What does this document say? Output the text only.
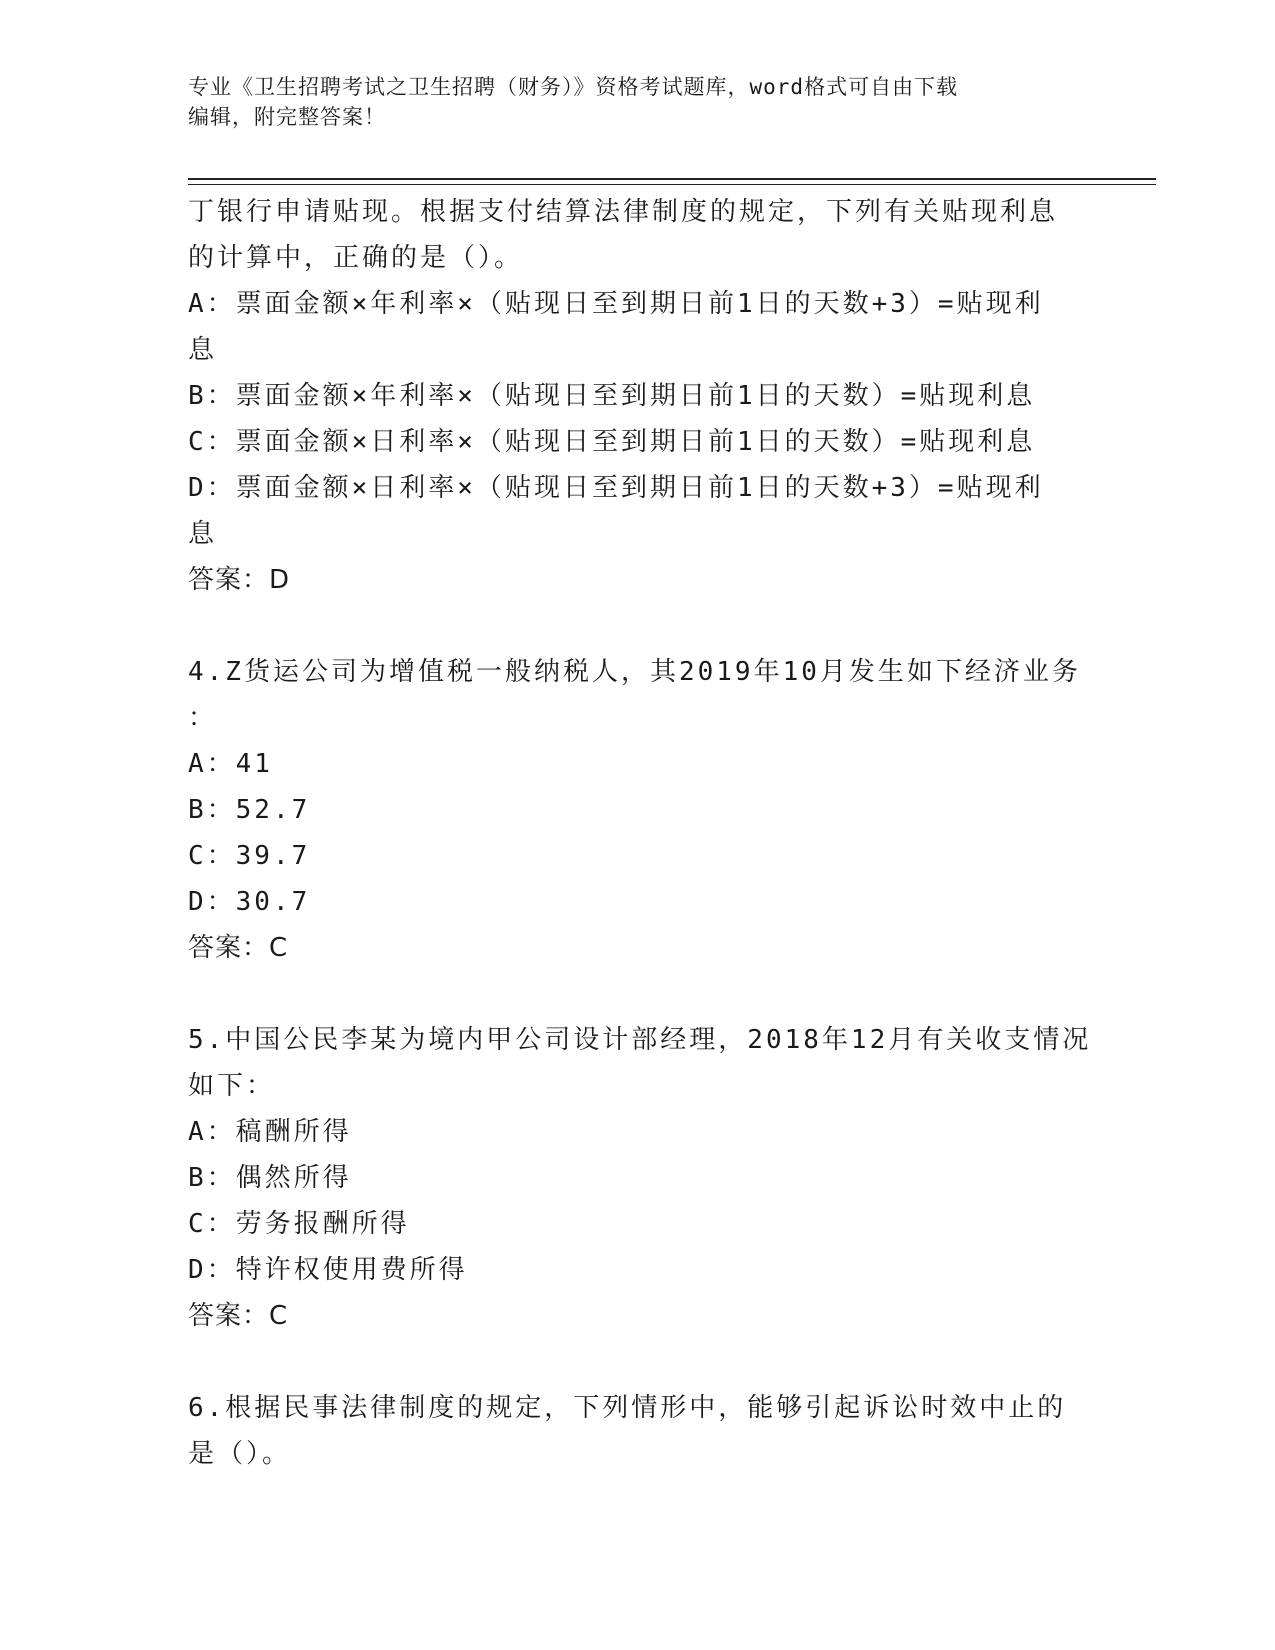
专业《卫生招聘考试之卫生招聘（财务）》资格考试题库，word格式可自由下载
编辑，附完整答案！
丁银行申请贴现。根据支付结算法律制度的规定，下列有关贴现利息
的计算中，正确的是（）。
A：票面金额×年利率×（贴现日至到期日前1日的天数+3）=贴现利
息
B：票面金额×年利率×（贴现日至到期日前1日的天数）=贴现利息
C：票面金额×日利率×（贴现日至到期日前1日的天数）=贴现利息
D：票面金额×日利率×（贴现日至到期日前1日的天数+3）=贴现利
息
答案：D
4.Z货运公司为增值税一般纳税人，其2019年10月发生如下经济业务
：
A：41
B：52.7
C：39.7
D：30.7
答案：C
5.中国公民李某为境内甲公司设计部经理，2018年12月有关收支情况
如下：
A：稿酬所得
B：偶然所得
C：劳务报酬所得
D：特许权使用费所得
答案：C
6.根据民事法律制度的规定，下列情形中，能够引起诉讼时效中止的
是（）。
